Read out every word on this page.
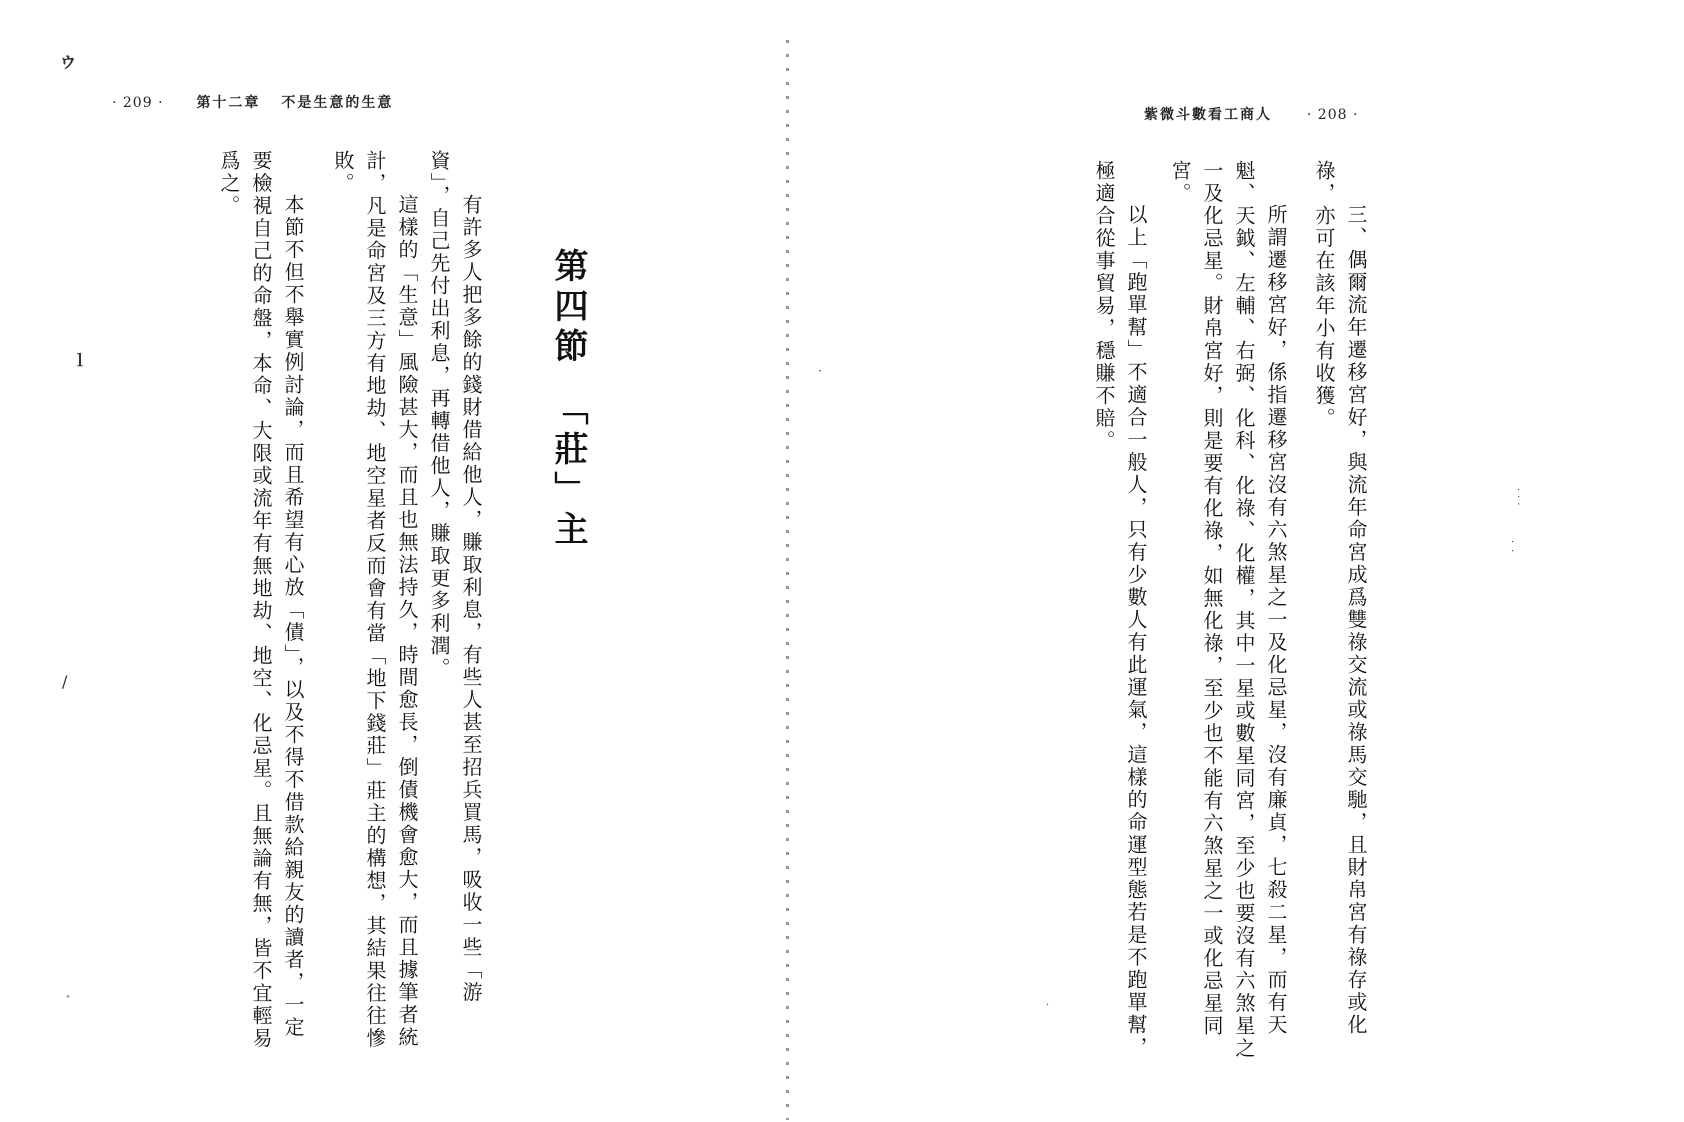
ゥ
· 209 · 第十二章 不是生意的生意
第四節　「莊」主
有許多人把多餘的錢財借給他人，賺取利息，有些人甚至招兵買馬，吸收一些「游
資」，自己先付出利息，再轉借他人，賺取更多利潤。
這樣的「生意」風險甚大，而且也無法持久，時間愈長，倒債機會愈大，而且據筆者統
計，凡是命宮及三方有地劫、地空星者反而會有當「地下錢莊」莊主的構想，其結果往往慘
敗。
本節不但不舉實例討論，而且希望有心放「債」，以及不得不借款給親友的讀者，一定
要檢視自己的命盤，本命、大限或流年有無地劫、地空、化忌星。且無論有無，皆不宜輕易
爲之。
ｌ
/
ﾞ
紫微斗數看工商人 · 208 ·
三、偶爾流年遷移宮好，與流年命宮成爲雙祿交流或祿馬交馳，且財帛宮有祿存或化
祿，亦可在該年小有收獲。
所謂遷移宮好，係指遷移宮沒有六煞星之一及化忌星，沒有廉貞，七殺二星，而有天
魁、天鉞、左輔、右弼、化科、化祿、化權，其中一星或數星同宮，至少也要沒有六煞星之
一及化忌星。財帛宮好，則是要有化祿，如無化祿，至少也不能有六煞星之一或化忌星同
宮。
以上「跑單幫」不適合一般人，只有少數人有此運氣，這樣的命運型態若是不跑單幫，
極適合從事貿易，穩賺不賠。
···
··
·
·
